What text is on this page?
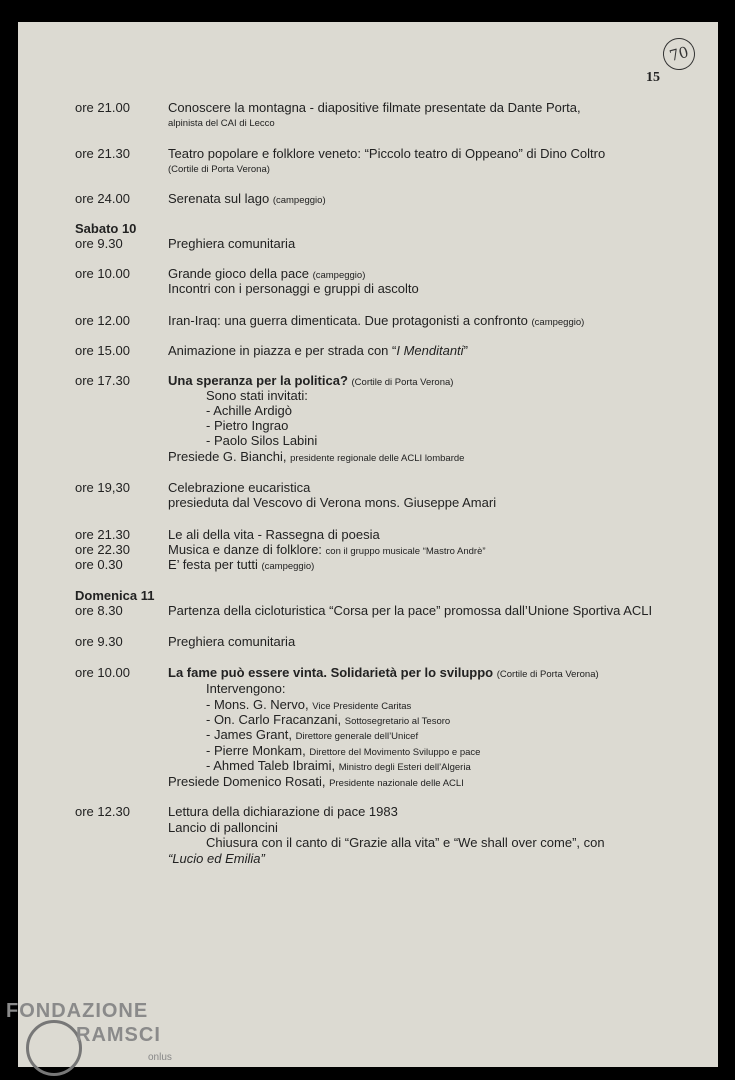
70
15
ore 21.00	Conoscere la montagna - diapositive filmate presentate da Dante Porta,
alpinista del CAI di Lecco
ore 21.30	Teatro popolare e folklore veneto: “Piccolo teatro di Oppeano” di Dino Coltro
(Cortile di Porta Verona)
ore 24.00	Serenata sul lago (campeggio)
Sabato 10
ore 9.30	Preghiera comunitaria
ore 10.00	Grande gioco della pace (campeggio)
Incontri con i personaggi e gruppi di ascolto
ore 12.00	Iran-Iraq: una guerra dimenticata. Due protagonisti a confronto (campeggio)
ore 15.00	Animazione in piazza e per strada con “I Menditanti”
ore 17.30	Una speranza per la politica? (Cortile di Porta Verona)
Sono stati invitati:
- Achille Ardigò
- Pietro Ingrao
- Paolo Silos Labini
Presiede G. Bianchi, presidente regionale delle ACLI lombarde
ore 19,30	Celebrazione eucaristica
presieduta dal Vescovo di Verona mons. Giuseppe Amari
ore 21.30	Le ali della vita - Rassegna di poesia
ore 22.30	Musica e danze di folklore: con il gruppo musicale “Mastro Andrè”
ore 0.30	E’ festa per tutti (campeggio)
Domenica 11
ore 8.30	Partenza della cicloturistica “Corsa per la pace” promossa dall’Unione Sportiva ACLI
ore 9.30	Preghiera comunitaria
ore 10.00	La fame può essere vinta. Solidarietà per lo sviluppo (Cortile di Porta Verona)
Intervengono:
- Mons. G. Nervo, Vice Presidente Caritas
- On. Carlo Fracanzani, Sottosegretario al Tesoro
- James Grant, Direttore generale dell’Unicef
- Pierre Monkam, Direttore del Movimento Sviluppo e pace
- Ahmed Taleb Ibraimi, Ministro degli Esteri dell’Algeria
Presiede Domenico Rosati, Presidente nazionale delle ACLI
ore 12.30	Lettura della dichiarazione di pace 1983
Lancio di palloncini
Chiusura con il canto di “Grazie alla vita” e “We shall over come”, con
“Lucio ed Emilia”
FONDAZIONE
RAMSCI
onlus
